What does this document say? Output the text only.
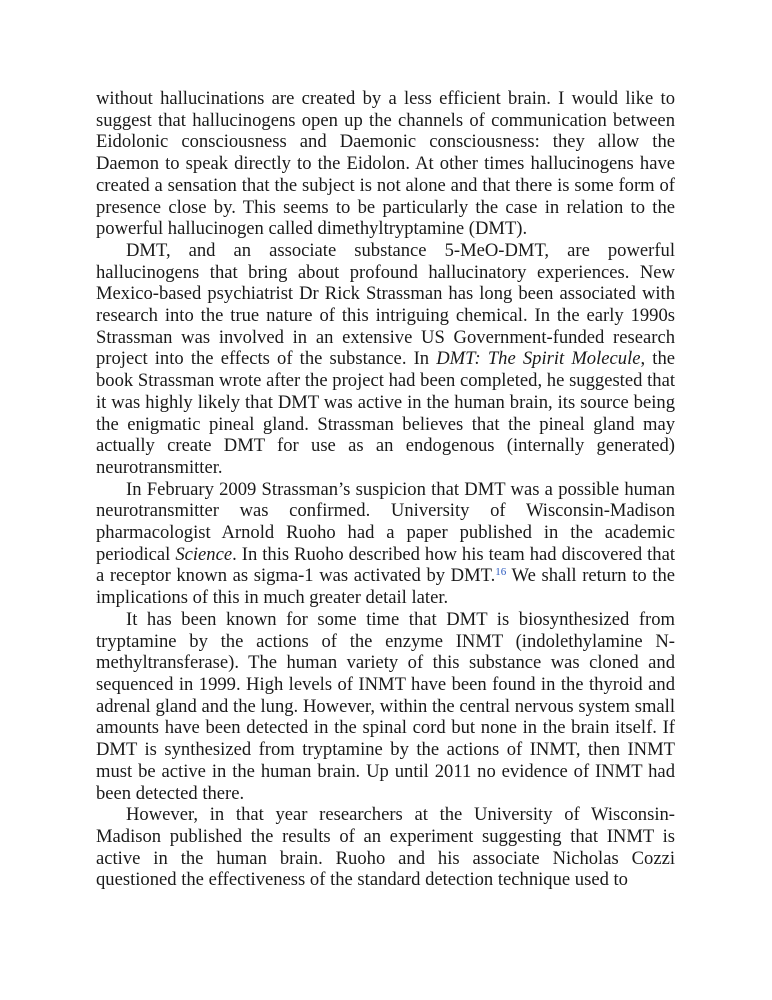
without hallucinations are created by a less efficient brain. I would like to suggest that hallucinogens open up the channels of communication between Eidolonic consciousness and Daemonic consciousness: they allow the Daemon to speak directly to the Eidolon. At other times hallucinogens have created a sensation that the subject is not alone and that there is some form of presence close by. This seems to be particularly the case in relation to the powerful hallucinogen called dimethyltryptamine (DMT).

DMT, and an associate substance 5-MeO-DMT, are powerful hallucinogens that bring about profound hallucinatory experiences. New Mexico-based psychiatrist Dr Rick Strassman has long been associated with research into the true nature of this intriguing chemical. In the early 1990s Strassman was involved in an extensive US Government-funded research project into the effects of the substance. In DMT: The Spirit Molecule, the book Strassman wrote after the project had been completed, he suggested that it was highly likely that DMT was active in the human brain, its source being the enigmatic pineal gland. Strassman believes that the pineal gland may actually create DMT for use as an endogenous (internally generated) neurotransmitter.

In February 2009 Strassman’s suspicion that DMT was a possible human neurotransmitter was confirmed. University of Wisconsin-Madison pharmacologist Arnold Ruoho had a paper published in the academic periodical Science. In this Ruoho described how his team had discovered that a receptor known as sigma-1 was activated by DMT.$^{16}$ We shall return to the implications of this in much greater detail later.

It has been known for some time that DMT is biosynthesized from tryptamine by the actions of the enzyme INMT (indolethylamine N-methyltransferase). The human variety of this substance was cloned and sequenced in 1999. High levels of INMT have been found in the thyroid and adrenal gland and the lung. However, within the central nervous system small amounts have been detected in the spinal cord but none in the brain itself. If DMT is synthesized from tryptamine by the actions of INMT, then INMT must be active in the human brain. Up until 2011 no evidence of INMT had been detected there.

However, in that year researchers at the University of Wisconsin-Madison published the results of an experiment suggesting that INMT is active in the human brain. Ruoho and his associate Nicholas Cozzi questioned the effectiveness of the standard detection technique used to
